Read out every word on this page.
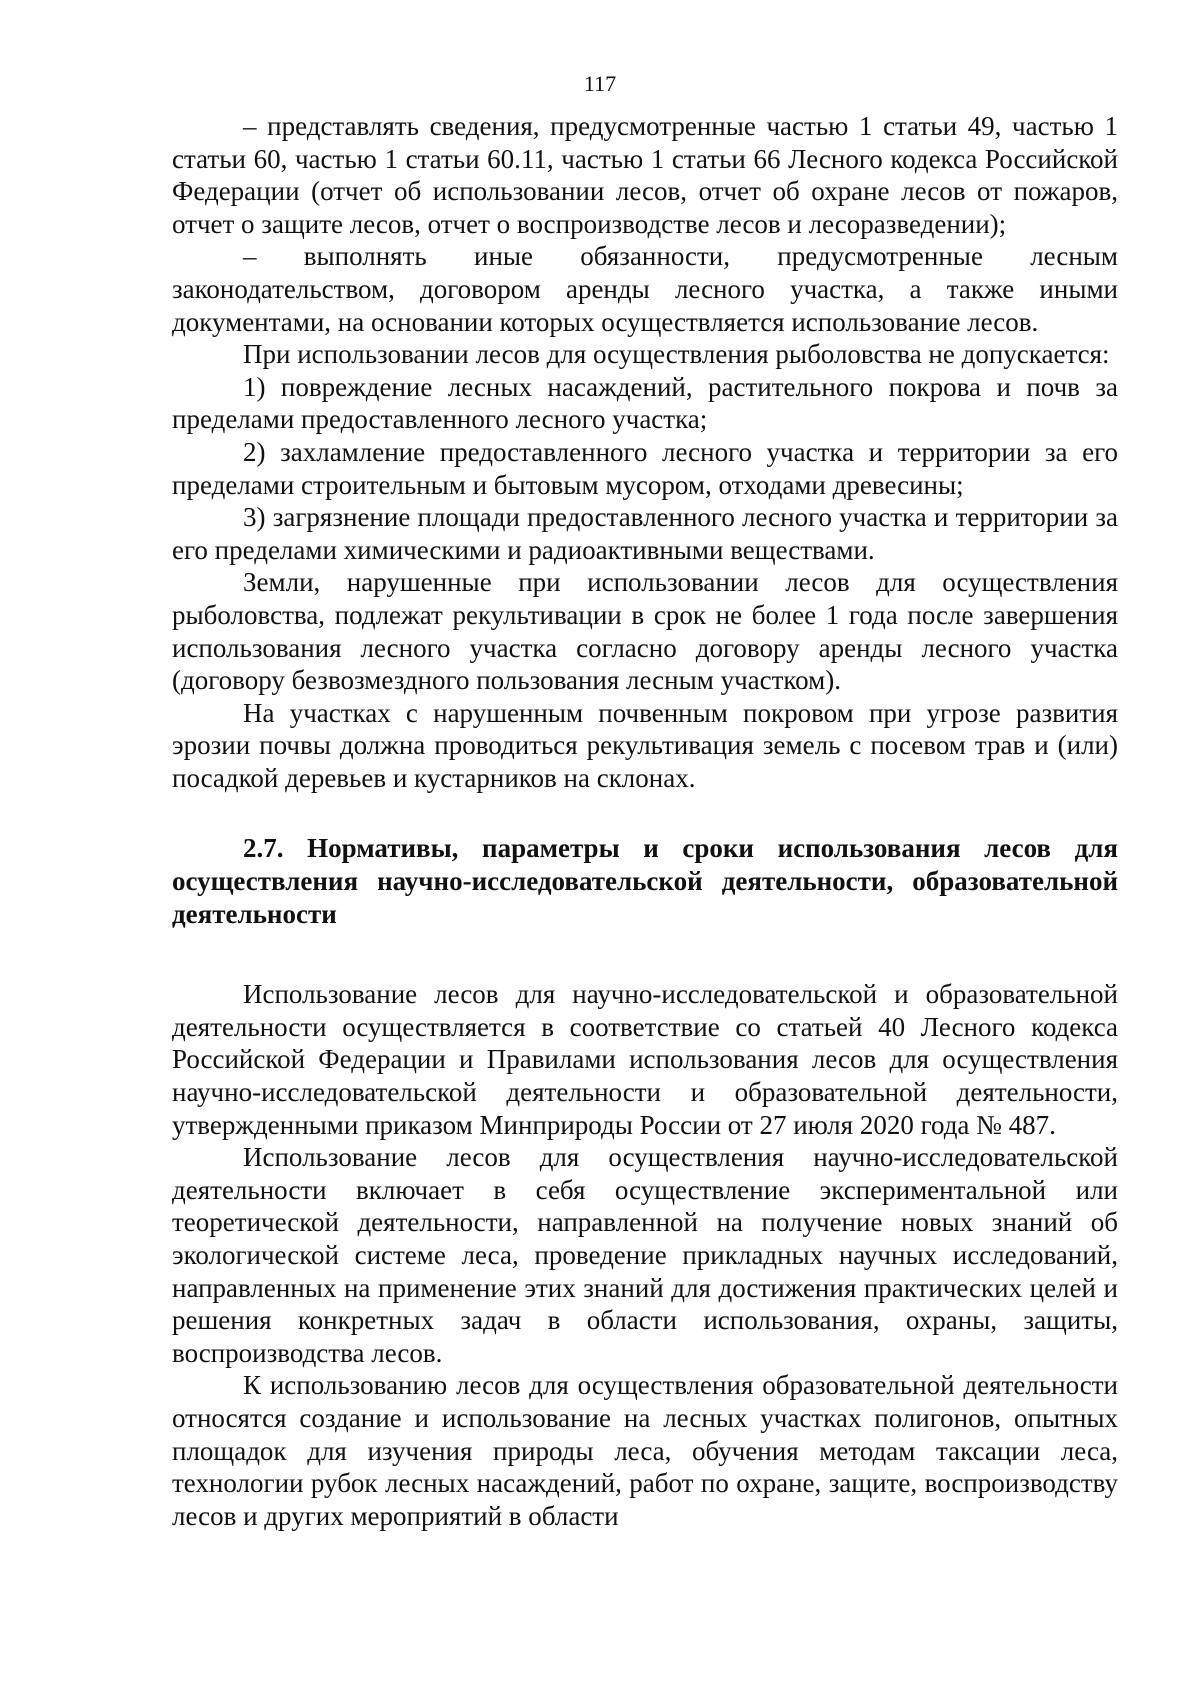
117

– представлять сведения, предусмотренные частью 1 статьи 49, частью 1 статьи 60, частью 1 статьи 60.11, частью 1 статьи 66 Лесного кодекса Российской Федерации (отчет об использовании лесов, отчет об охране лесов от пожаров, отчет о защите лесов, отчет о воспроизводстве лесов и лесоразведении);

– выполнять иные обязанности, предусмотренные лесным законодательством, договором аренды лесного участка, а также иными документами, на основании которых осуществляется использование лесов.

При использовании лесов для осуществления рыболовства не допускается:

1) повреждение лесных насаждений, растительного покрова и почв за пределами предоставленного лесного участка;

2) захламление предоставленного лесного участка и территории за его пределами строительным и бытовым мусором, отходами древесины;

3) загрязнение площади предоставленного лесного участка и территории за его пределами химическими и радиоактивными веществами.

Земли, нарушенные при использовании лесов для осуществления рыболовства, подлежат рекультивации в срок не более 1 года после завершения использования лесного участка согласно договору аренды лесного участка (договору безвозмездного пользования лесным участком).

На участках с нарушенным почвенным покровом при угрозе развития эрозии почвы должна проводиться рекультивация земель с посевом трав и (или) посадкой деревьев и кустарников на склонах.

2.7. Нормативы, параметры и сроки использования лесов для осуществления научно-исследовательской деятельности, образовательной деятельности

Использование лесов для научно-исследовательской и образовательной деятельности осуществляется в соответствие со статьей 40 Лесного кодекса Российской Федерации и Правилами использования лесов для осуществления научно-исследовательской деятельности и образовательной деятельности, утвержденными приказом Минприроды России от 27 июля 2020 года № 487.

Использование лесов для осуществления научно-исследовательской деятельности включает в себя осуществление экспериментальной или теоретической деятельности, направленной на получение новых знаний об экологической системе леса, проведение прикладных научных исследований, направленных на применение этих знаний для достижения практических целей и решения конкретных задач в области использования, охраны, защиты, воспроизводства лесов.

К использованию лесов для осуществления образовательной деятельности относятся создание и использование на лесных участках полигонов, опытных площадок для изучения природы леса, обучения методам таксации леса, технологии рубок лесных насаждений, работ по охране, защите, воспроизводству лесов и других мероприятий в области
